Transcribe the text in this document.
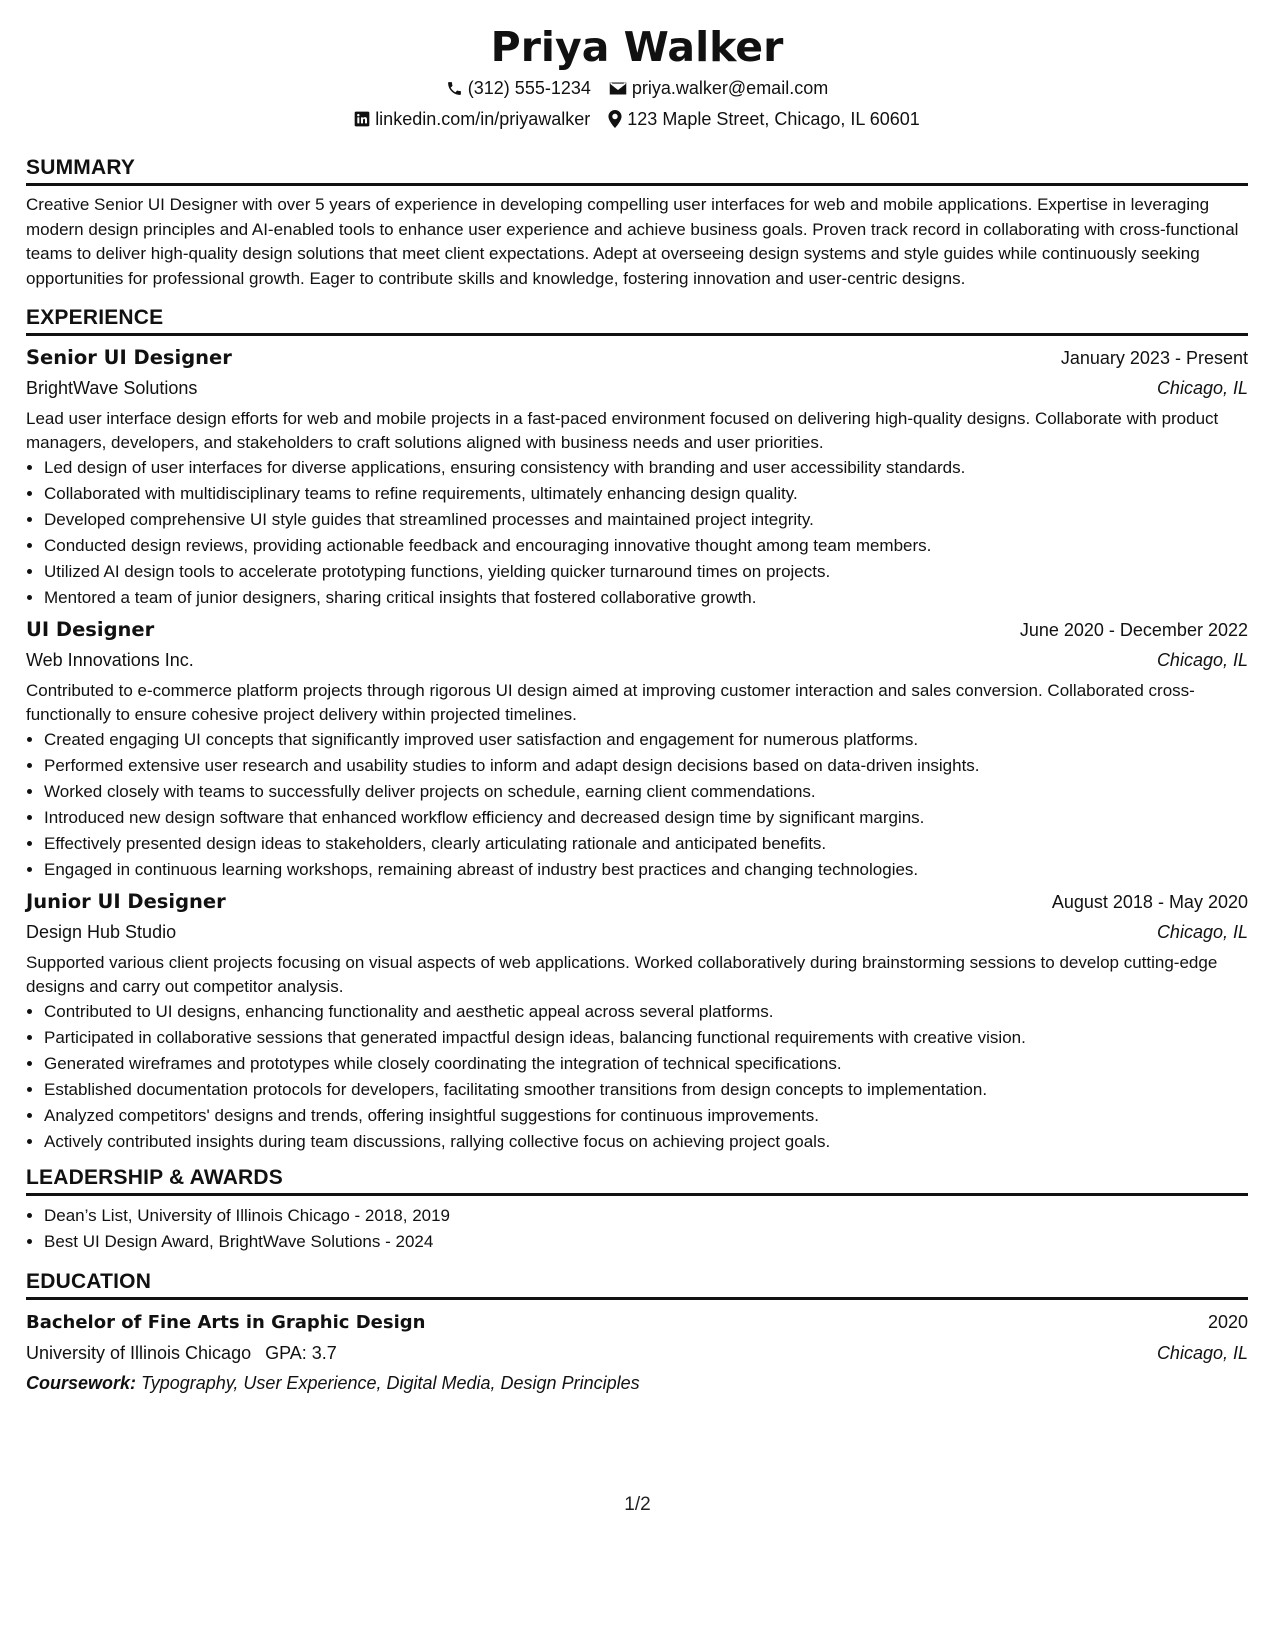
Priya Walker
(312) 555-1234 priya.walker@email.com
linkedin.com/in/priyawalker 123 Maple Street, Chicago, IL 60601
SUMMARY

Creative Senior UI Designer with over 5 years of experience in developing compelling user interfaces for web and mobile applications. Expertise in leveraging modern design principles and AI-enabled tools to enhance user experience and achieve business goals. Proven track record in collaborating with cross-functional teams to deliver high-quality design solutions that meet client expectations. Adept at overseeing design systems and style guides while continuously seeking opportunities for professional growth. Eager to contribute skills and knowledge, fostering innovation and user-centric designs.

EXPERIENCE
Senior UI Designer	January 2023 - Present
BrightWave Solutions	Chicago, IL

Lead user interface design efforts for web and mobile projects in a fast-paced environment focused on delivering high-quality designs. Collaborate with product managers, developers, and stakeholders to craft solutions aligned with business needs and user priorities.

• Led design of user interfaces for diverse applications, ensuring consistency with branding and user accessibility standards.
• Collaborated with multidisciplinary teams to refine requirements, ultimately enhancing design quality.
• Developed comprehensive UI style guides that streamlined processes and maintained project integrity.
• Conducted design reviews, providing actionable feedback and encouraging innovative thought among team members.
• Utilized AI design tools to accelerate prototyping functions, yielding quicker turnaround times on projects.
• Mentored a team of junior designers, sharing critical insights that fostered collaborative growth.
UI Designer	June 2020 - December 2022
Web Innovations Inc.	Chicago, IL

Contributed to e-commerce platform projects through rigorous UI design aimed at improving customer interaction and sales conversion. Collaborated cross-functionally to ensure cohesive project delivery within projected timelines.

• Created engaging UI concepts that significantly improved user satisfaction and engagement for numerous platforms.
• Performed extensive user research and usability studies to inform and adapt design decisions based on data-driven insights.
• Worked closely with teams to successfully deliver projects on schedule, earning client commendations.
• Introduced new design software that enhanced workflow efficiency and decreased design time by significant margins.
• Effectively presented design ideas to stakeholders, clearly articulating rationale and anticipated benefits.
• Engaged in continuous learning workshops, remaining abreast of industry best practices and changing technologies.
Junior UI Designer	August 2018 - May 2020
Design Hub Studio	Chicago, IL

Supported various client projects focusing on visual aspects of web applications. Worked collaboratively during brainstorming sessions to develop cutting-edge designs and carry out competitor analysis.

• Contributed to UI designs, enhancing functionality and aesthetic appeal across several platforms.
• Participated in collaborative sessions that generated impactful design ideas, balancing functional requirements with creative vision.
• Generated wireframes and prototypes while closely coordinating the integration of technical specifications.
• Established documentation protocols for developers, facilitating smoother transitions from design concepts to implementation.
• Analyzed competitors' designs and trends, offering insightful suggestions for continuous improvements.
• Actively contributed insights during team discussions, rallying collective focus on achieving project goals.
LEADERSHIP & AWARDS
• Dean’s List, University of Illinois Chicago - 2018, 2019
• Best UI Design Award, BrightWave Solutions - 2024
EDUCATION
Bachelor of Fine Arts in Graphic Design	2020
University of Illinois Chicago GPA: 3.7	Chicago, IL
Coursework: Typography, User Experience, Digital Media, Design Principles
1/2
